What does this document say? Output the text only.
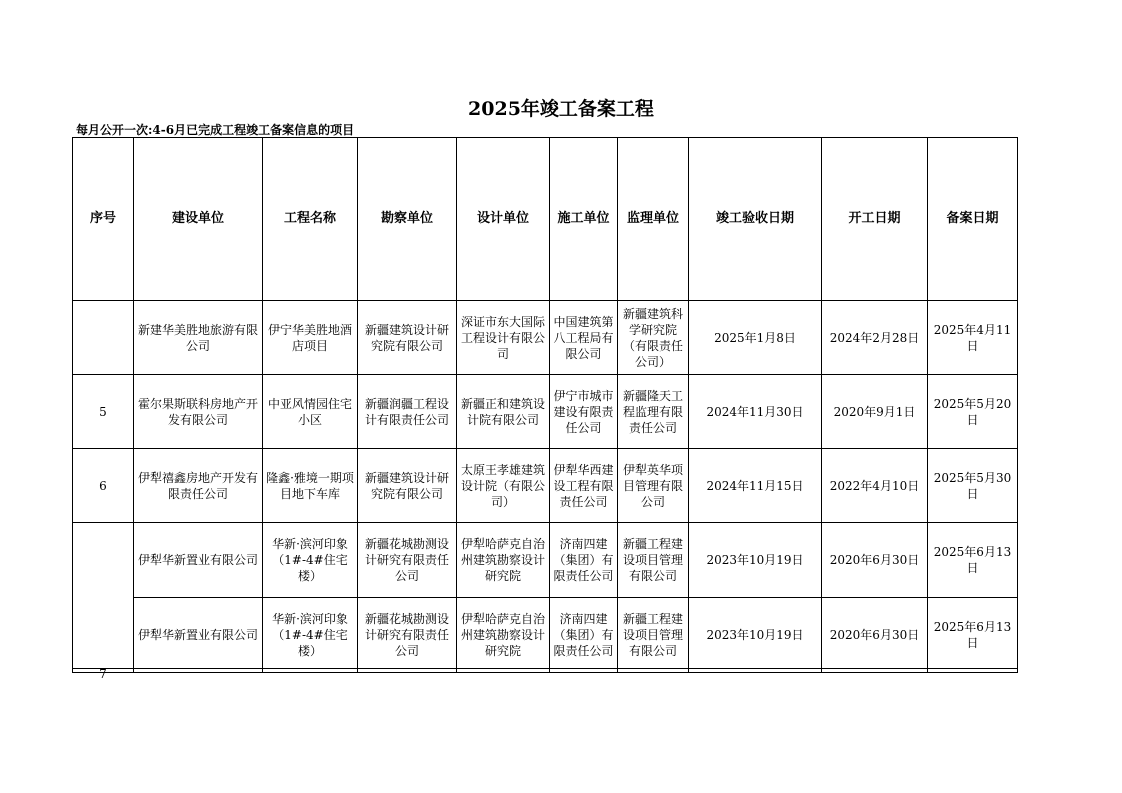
2025年竣工备案工程
每月公开一次:4-6月已完成工程竣工备案信息的项目
序号	建设单位	工程名称	勘察单位	设计单位	施工单位	监理单位	竣工验收日期	开工日期	备案日期

	新建华美胜地旅游有限公司	伊宁华美胜地酒店项目	新疆建筑设计研究院有限公司	深证市东大国际工程设计有限公司	中国建筑第八工程局有限公司	新疆建筑科学研究院（有限责任公司）	2025年1月8日	2024年2月28日	2025年4月11日
5	霍尔果斯联科房地产开发有限公司	中亚风情园住宅小区	新疆润疆工程设计有限责任公司	新疆正和建筑设计院有限公司	伊宁市城市建设有限责任公司	新疆隆天工程监理有限责任公司	2024年11月30日	2020年9月1日	2025年5月20日
6	伊犁禧鑫房地产开发有限责任公司	隆鑫·雅境一期项目地下车库	新疆建筑设计研究院有限公司	太原王孝雄建筑设计院（有限公司）	伊犁华西建设工程有限责任公司	伊犁英华项目管理有限公司	2024年11月15日	2022年4月10日	2025年5月30日

7	伊犁华新置业有限公司	华新·滨河印象（1#-4#住宅楼）	新疆花城勘测设计研究有限责任公司	伊犁哈萨克自治州建筑勘察设计研究院	济南四建（集团）有限责任公司	新疆工程建设项目管理有限公司	2023年10月19日	2020年6月30日	2025年6月13日

	伊犁华新置业有限公司	华新·滨河印象（1#-4#住宅楼）	新疆花城勘测设计研究有限责任公司	伊犁哈萨克自治州建筑勘察设计研究院	济南四建（集团）有限责任公司	新疆工程建设项目管理有限公司	2023年10月19日	2020年6月30日	2025年6月13日
